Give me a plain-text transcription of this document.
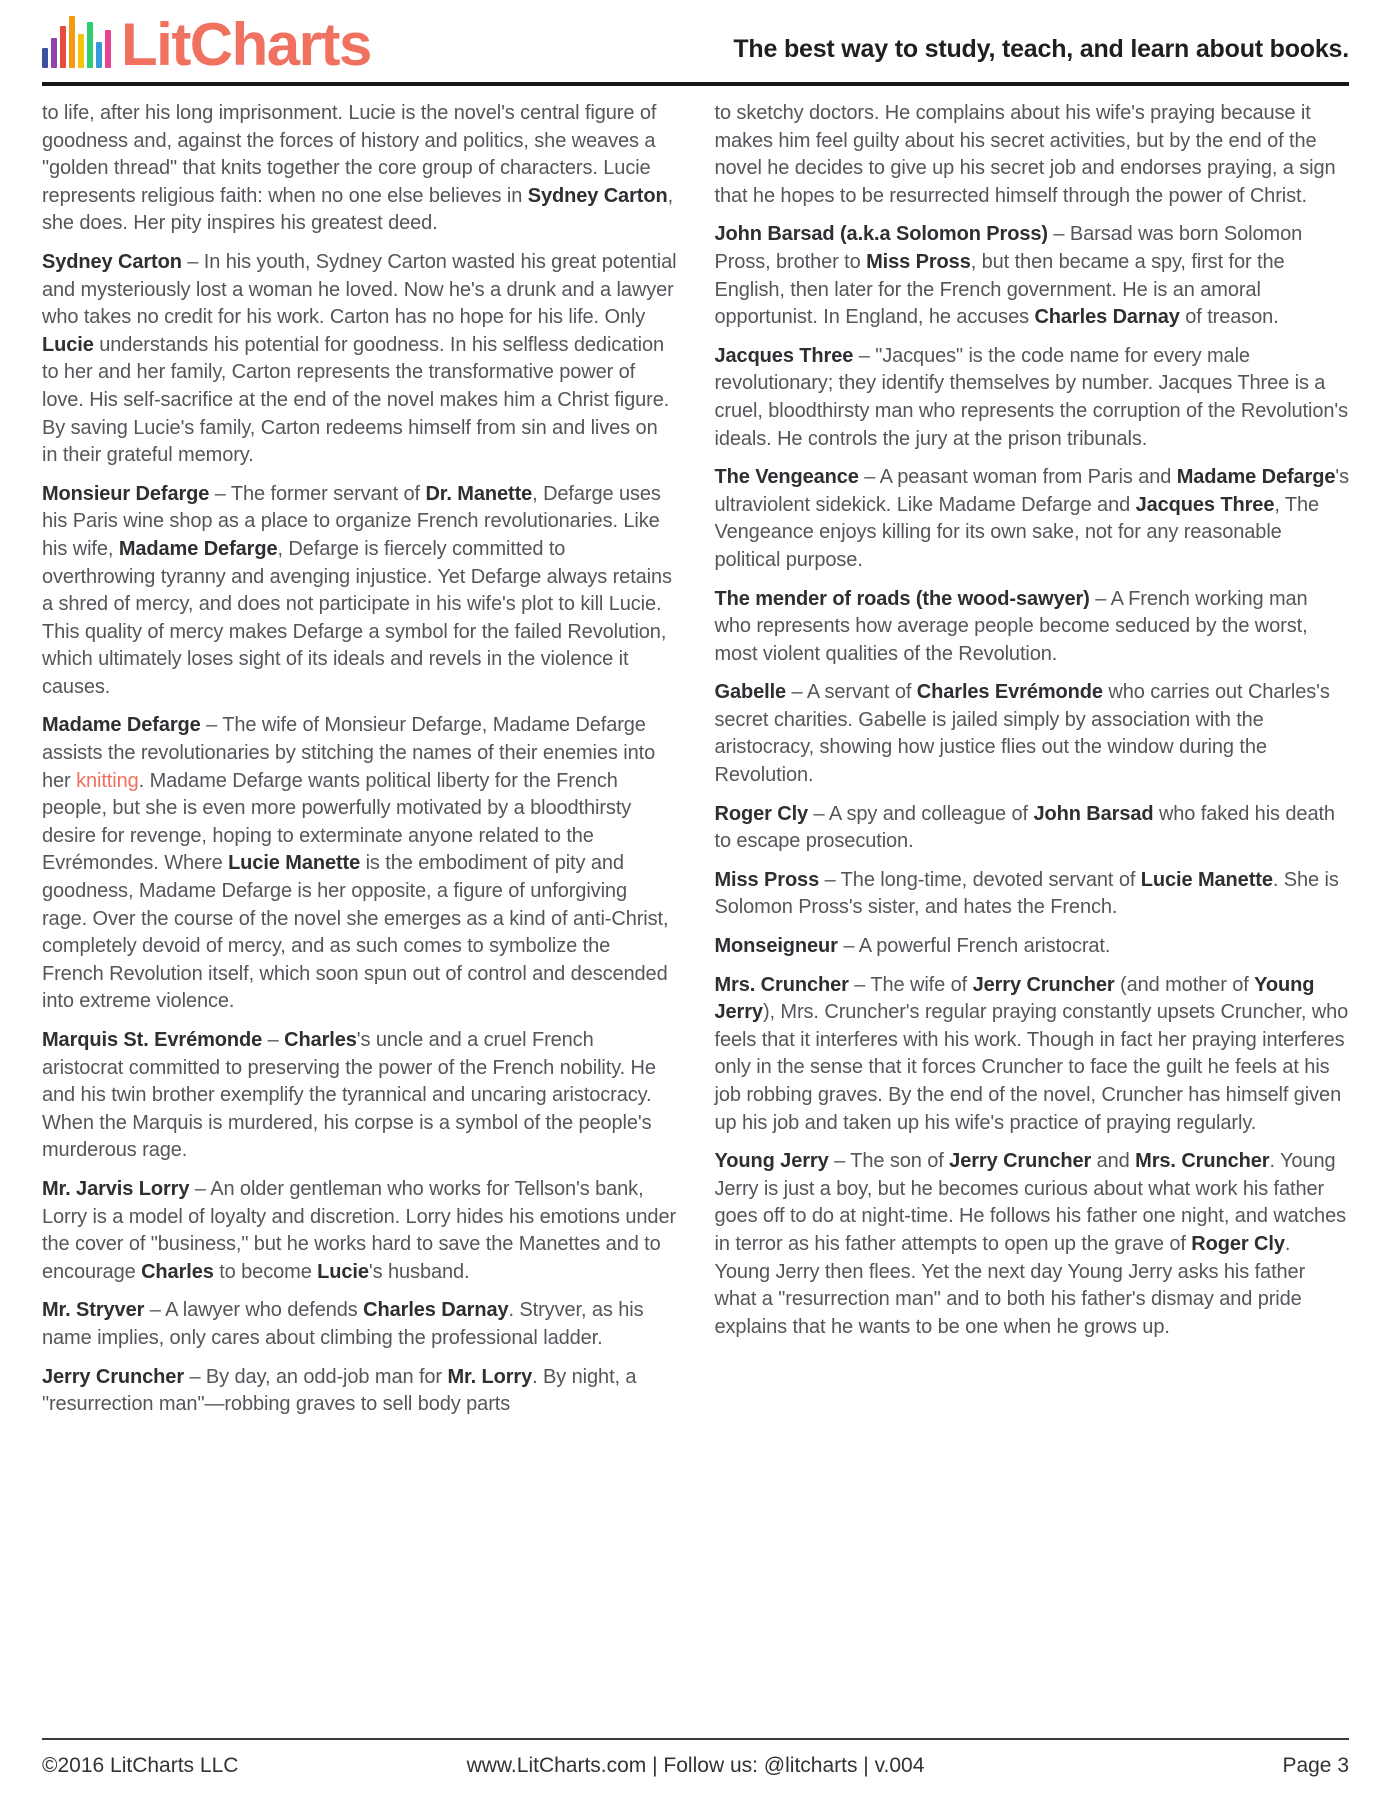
LitCharts	The best way to study, teach, and learn about books.

to life, after his long imprisonment. Lucie is the novel's central figure of goodness and, against the forces of history and politics, she weaves a "golden thread" that knits together the core group of characters. Lucie represents religious faith: when no one else believes in Sydney Carton, she does. Her pity inspires his greatest deed.

Sydney Carton – In his youth, Sydney Carton wasted his great potential and mysteriously lost a woman he loved. Now he's a drunk and a lawyer who takes no credit for his work. Carton has no hope for his life. Only Lucie understands his potential for goodness. In his selfless dedication to her and her family, Carton represents the transformative power of love. His self-sacrifice at the end of the novel makes him a Christ figure. By saving Lucie's family, Carton redeems himself from sin and lives on in their grateful memory.

Monsieur Defarge – The former servant of Dr. Manette, Defarge uses his Paris wine shop as a place to organize French revolutionaries. Like his wife, Madame Defarge, Defarge is fiercely committed to overthrowing tyranny and avenging injustice. Yet Defarge always retains a shred of mercy, and does not participate in his wife's plot to kill Lucie. This quality of mercy makes Defarge a symbol for the failed Revolution, which ultimately loses sight of its ideals and revels in the violence it causes.

Madame Defarge – The wife of Monsieur Defarge, Madame Defarge assists the revolutionaries by stitching the names of their enemies into her knitting. Madame Defarge wants political liberty for the French people, but she is even more powerfully motivated by a bloodthirsty desire for revenge, hoping to exterminate anyone related to the Evrémondes. Where Lucie Manette is the embodiment of pity and goodness, Madame Defarge is her opposite, a figure of unforgiving rage. Over the course of the novel she emerges as a kind of anti-Christ, completely devoid of mercy, and as such comes to symbolize the French Revolution itself, which soon spun out of control and descended into extreme violence.

Marquis St. Evrémonde – Charles's uncle and a cruel French aristocrat committed to preserving the power of the French nobility. He and his twin brother exemplify the tyrannical and uncaring aristocracy. When the Marquis is murdered, his corpse is a symbol of the people's murderous rage.

Mr. Jarvis Lorry – An older gentleman who works for Tellson's bank, Lorry is a model of loyalty and discretion. Lorry hides his emotions under the cover of "business," but he works hard to save the Manettes and to encourage Charles to become Lucie's husband.

Mr. Stryver – A lawyer who defends Charles Darnay. Stryver, as his name implies, only cares about climbing the professional ladder.

Jerry Cruncher – By day, an odd-job man for Mr. Lorry. By night, a "resurrection man"—robbing graves to sell body parts

to sketchy doctors. He complains about his wife's praying because it makes him feel guilty about his secret activities, but by the end of the novel he decides to give up his secret job and endorses praying, a sign that he hopes to be resurrected himself through the power of Christ.

John Barsad (a.k.a Solomon Pross) – Barsad was born Solomon Pross, brother to Miss Pross, but then became a spy, first for the English, then later for the French government. He is an amoral opportunist. In England, he accuses Charles Darnay of treason.

Jacques Three – "Jacques" is the code name for every male revolutionary; they identify themselves by number. Jacques Three is a cruel, bloodthirsty man who represents the corruption of the Revolution's ideals. He controls the jury at the prison tribunals.

The Vengeance – A peasant woman from Paris and Madame Defarge's ultraviolent sidekick. Like Madame Defarge and Jacques Three, The Vengeance enjoys killing for its own sake, not for any reasonable political purpose.

The mender of roads (the wood-sawyer) – A French working man who represents how average people become seduced by the worst, most violent qualities of the Revolution.

Gabelle – A servant of Charles Evrémonde who carries out Charles's secret charities. Gabelle is jailed simply by association with the aristocracy, showing how justice flies out the window during the Revolution.

Roger Cly – A spy and colleague of John Barsad who faked his death to escape prosecution.

Miss Pross – The long-time, devoted servant of Lucie Manette. She is Solomon Pross's sister, and hates the French.

Monseigneur – A powerful French aristocrat.

Mrs. Cruncher – The wife of Jerry Cruncher (and mother of Young Jerry), Mrs. Cruncher's regular praying constantly upsets Cruncher, who feels that it interferes with his work. Though in fact her praying interferes only in the sense that it forces Cruncher to face the guilt he feels at his job robbing graves. By the end of the novel, Cruncher has himself given up his job and taken up his wife's practice of praying regularly.

Young Jerry – The son of Jerry Cruncher and Mrs. Cruncher. Young Jerry is just a boy, but he becomes curious about what work his father goes off to do at night-time. He follows his father one night, and watches in terror as his father attempts to open up the grave of Roger Cly. Young Jerry then flees. Yet the next day Young Jerry asks his father what a "resurrection man" and to both his father's dismay and pride explains that he wants to be one when he grows up.

©2016 LitCharts LLC	www.LitCharts.com | Follow us: @litcharts | v.004	Page 3
